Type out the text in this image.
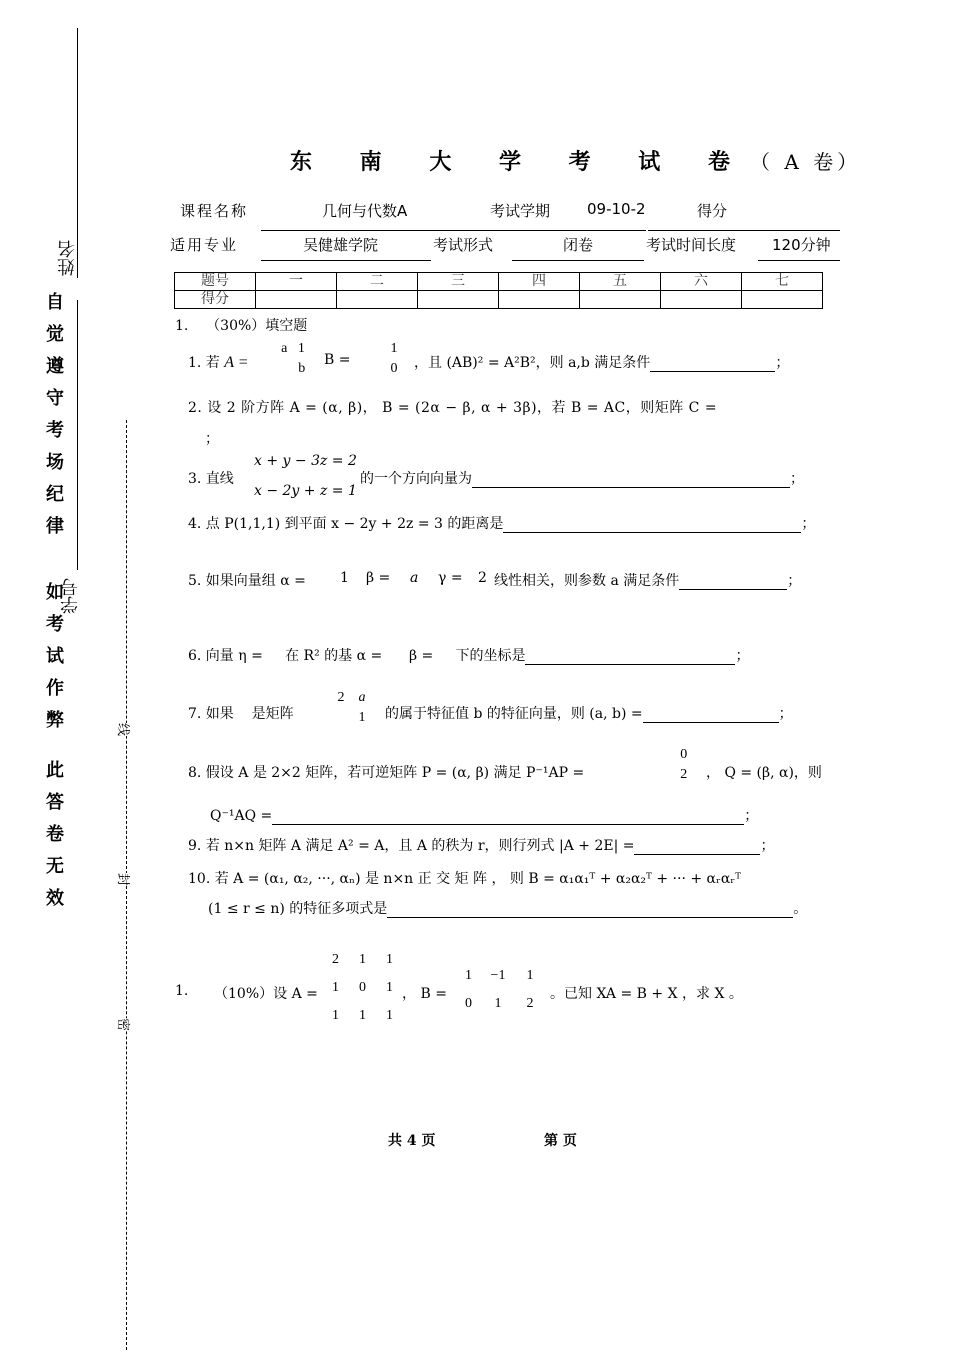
姓名
学号
自
觉
遵
守
考
场
纪
律
如
考
试
作
弊
此
答
卷
无
效
线
封
密
东 南 大 学 考 试 卷（ A 卷）
课程名称	几何与代数A	考试学期 09-10-2	得分
适用专业	吴健雄学院	考试形式	闭卷	考试时间长度 120分钟
题号	一	二	三	四	五	六	七
得分							
1. （30%）填空题
1. 若 A =
a 1
b
B =
1
0	，且 (AB)² = A²B²，则 a,b 满足条件	；
2. 设 2 阶方阵 A = (α, β)， B = (2α − β, α + 3β)，若 B = AC，则矩阵 C =
；
3. 直线
x + y − 3z = 2
x − 2y + z = 1
的一个方向向量为	；
4. 点 P(1,1,1) 到平面 x − 2y + 2z = 3 的距离是	；
5. 如果向量组 α = 1 β = a γ = 2 线性相关，则参数 a 满足条件	；
6. 向量 η = 在 R² 的基 α = β = 下的坐标是	；
7. 如果 是矩阵
2 a
1	的属于特征值 b 的特征向量，则 (a, b) =	；
8. 假设 A 是 2×2 矩阵，若可逆矩阵 P = (α, β) 满足 P⁻¹AP =
0
2	， Q = (β, α)，则
Q⁻¹AQ =	；
9. 若 n×n 矩阵 A 满足 A² = A，且 A 的秩为 r，则行列式 |A + 2E| =	；
10. 若 A = (α₁, α₂, ···, αₙ) 是 n×n 正 交 矩 阵 ， 则 B = α₁α₁ᵀ + α₂α₂ᵀ + ··· + αᵣαᵣᵀ
(1 ≤ r ≤ n) 的特征多项式是	。
1. （10%）设 A =
2	1	1
1	0	1
1	1	1
， B =
1	−1	1
0	1	2
。已知 XA = B + X ，求 X 。
共 4 页	第 页
